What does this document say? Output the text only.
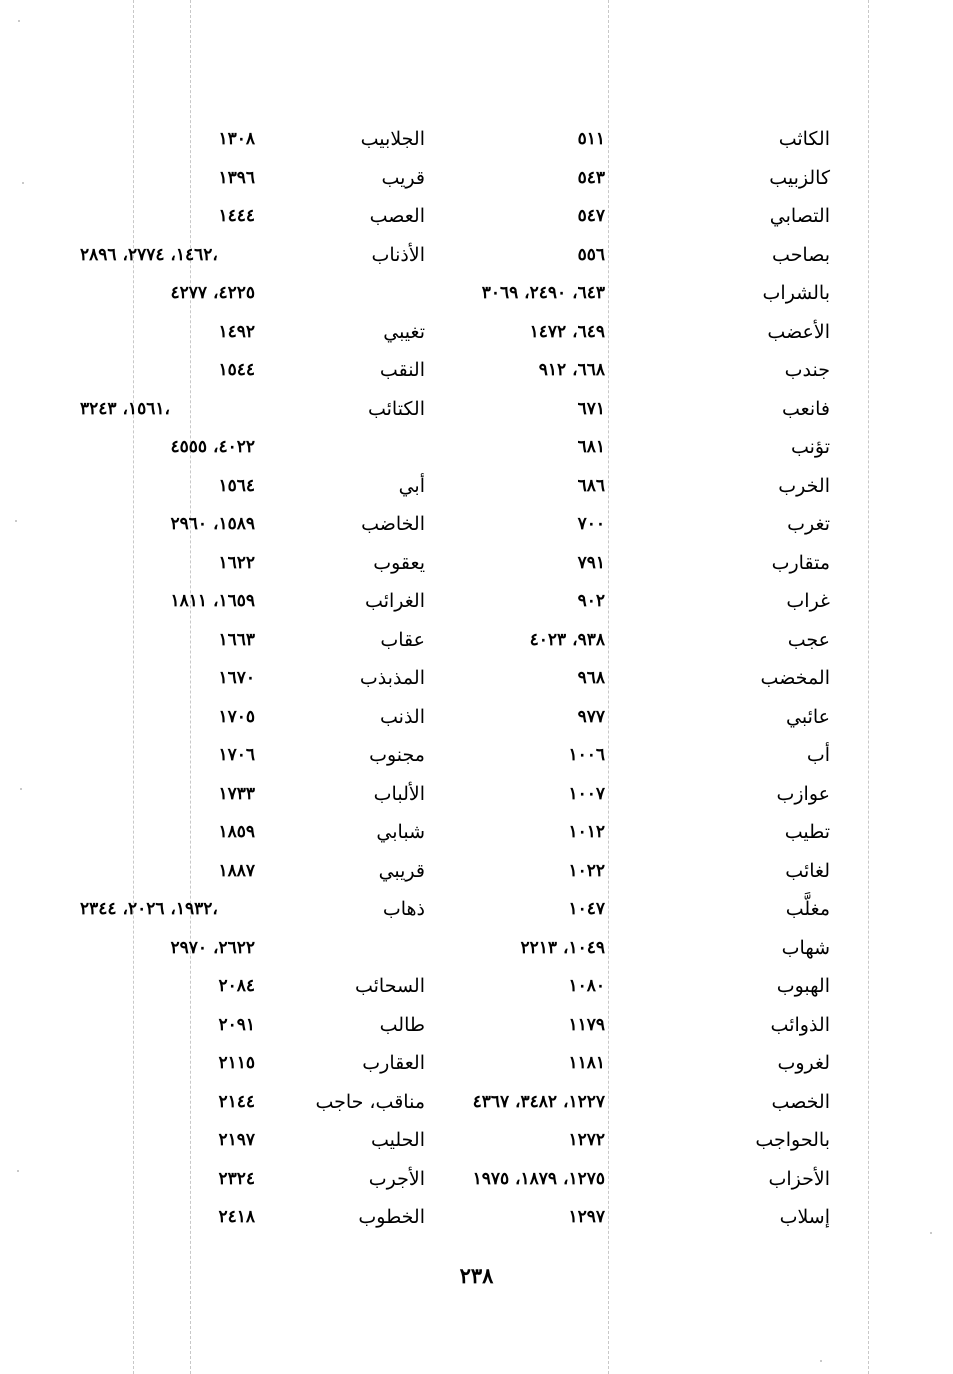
الكاثب
٥١١
الجلابيب
١٣٠٨
كالزبيب
٥٤٣
قريب
١٣٩٦
التصابي
٥٤٧
العصب
١٤٤٤
بصاحب
٥٥٦
الأذناب
١٤٦٢، ٢٧٧٤، ٢٨٩٦،
بالشراب
٦٤٣، ٢٤٩٠، ٣٠٦٩
٤٢٢٥، ٤٢٧٧
الأعضب
٦٤٩، ١٤٧٢
تغيبي
١٤٩٢
جندب
٦٦٨، ٩١٢
النقب
١٥٤٤
فانعب
٦٧١
الكتائب
١٥٦١، ٣٢٤٣،
تؤنب
٦٨١
٤٠٢٢، ٤٥٥٥
الخرب
٦٨٦
أبي
١٥٦٤
تغرب
٧٠٠
الخاضب
١٥٨٩، ٢٩٦٠
متقارب
٧٩١
يعقوب
١٦٢٢
غراب
٩٠٢
الغرائب
١٦٥٩، ١٨١١
عجب
٩٣٨، ٤٠٢٣
عقاب
١٦٦٣
المخضب
٩٦٨
المذبذب
١٦٧٠
عائبي
٩٧٧
الذنب
١٧٠٥
أب
١٠٠٦
مجنوب
١٧٠٦
عوازب
١٠٠٧
الألباب
١٧٣٣
تطيب
١٠١٢
شبابي
١٨٥٩
لغائب
١٠٢٢
قريبي
١٨٨٧
مغلَّب
١٠٤٧
ذهاب
١٩٣٢، ٢٠٢٦، ٢٣٤٤،
شهاب
١٠٤٩، ٢٢١٣
٢٦٢٢، ٢٩٧٠
الهبوب
١٠٨٠
السحائب
٢٠٨٤
الذوائب
١١٧٩
طالب
٢٠٩١
لغروب
١١٨١
العقارب
٢١١٥
الخصب
١٢٢٧، ٣٤٨٢، ٤٣٦٧
مناقب، حاجب
٢١٤٤
بالحواجب
١٢٧٢
الحليب
٢١٩٧
الأحزاب
١٢٧٥، ١٨٧٩، ١٩٧٥
الأجرب
٢٣٢٤
إسلاب
١٢٩٧
الخطوب
٢٤١٨
٢٣٨
